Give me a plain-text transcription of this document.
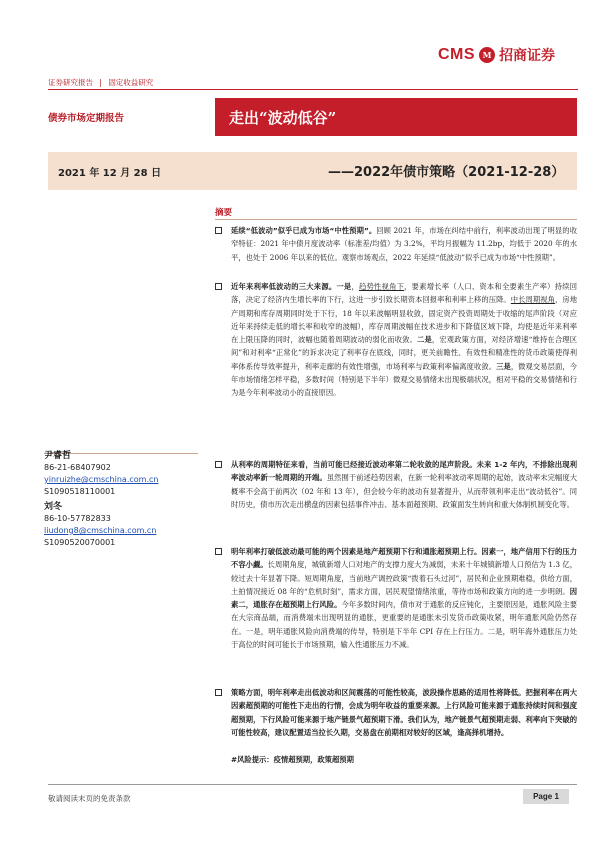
CMS M 招商证券
证券研究报告 | 固定收益研究
债券市场定期报告	走出“波动低谷”
2021 年 12 月 28 日	——2022年债市策略（2021-12-28）
摘要
延续“低波动”似乎已成为市场“中性预期”。回顾 2021 年，市场在纠结中前行，利率波动出现了明显的收窄特征：2021 年中债月度波动率（标准差/均值）为 3.2%，平均月振幅为 11.2bp，均低于 2020 年的水平，也处于 2006 年以来的低位。观察市场观点，2022 年延续“低波动”似乎已成为市场“中性预期”。
近年来利率低波动的三大来源。一是，趋势性视角下，要素增长率（人口、资本和全要素生产率）持续回落，决定了经济内生增长率的下行，这进一步引致长期资本回报率和利率上移的压降。中长周期视角，房地产周期和库存周期同时处于下行，18 年以来波幅明显收敛，固定资产投资周期处于收缩的尾声阶段（对应近年来持续走低的增长率和收窄的波幅），库存周期波幅在技术进步和下降值区域下降，均使是近年来利率在上限压降的同时，波幅也随着周期波动的弱化而收敛。二是，宏观政策方面，对经济增速“维持在合理区间”和对利率“正常化”的诉求决定了利率存在底线，同时，更关前瞻性、有效性和精准性的货币政策使得利率体系传导效率提升，利率走廊的有效性增强，市场利率与政策利率偏离度收敛。三是，微观交易层面，今年市场情绪怎样平稳，多数时间（特别是下半年）微观交易情绪未出现极端状况，相对平稳的交易情绪和行为是今年利率波动小的直接原因。
从利率的周期特征来看，当前可能已经接近波动率第二轮收敛的尾声阶段。未来 1-2 年内，不排除出现利率波动率新一轮周期的开端。虽然囿于前述趋势因素，在新一轮利率波动率周期的起始，波动率未完幅度大概率不会高于前两次（02 年和 13 年），但会较今年的波动有显著提升，从而带领利率走出“波动低谷”。同时历史，债市历次走出横盘的因素包括事件冲击、基本面超预期、政策面发生转向和重大体制机制变化等。
明年利率打破低波动最可能的两个因素是地产超预期下行和通胀超预期上行。因素一，地产信用下行的压力不容小觑。长周期角度，城镇新增人口对地产的支撑力度大为减弱，未来十年城镇新增人口预估为 1.3 亿，较过去十年显著下降。短周期角度，当前地产调控政策“拨着石头过河”，居民和企业预期难稳，供给方面，土拍情况接近 08 年的“危机时刻”，需求方面，居民观望情绪浓重，等待市场和政策方向的进一步明朗。因素二，通胀存在超预期上行风险。今年多数时间内，债市对于通胀的反应钝化，主要原因是，通胀风险主要在大宗商品端，而消费端未出现明显的通胀，更重要的是通胀未引发货币政策收紧，明年通胀风险仍然存在。一是，明年通胀风险向消费端的传导，特别是下半年 CPI 存在上行压力。二是，明年海外通胀压力处于高位的时间可能长于市场预期，输入性通胀压力不减。
策略方面，明年利率走出低波动和区间震荡的可能性较高，波段操作思路的适用性将降低。把握利率在两大因素超预期的可能性下走出的行情，会成为明年收益的重要来源。上行风险可能来源于通胀持续时间和强度超预期，下行风险可能来源于地产链景气超预期下滑。我们认为，地产链景气超预期走弱、利率向下突破的可能性较高，建议配置适当拉长久期，交易盘在前期相对较好的区域，逢高择机增持。
#风险提示：疫情超预期，政策超预期
尹睿哲
86-21-68407902
yinruizhe@cmschina.com.cn
S1090518110001
刘冬
86-10-57782833
liudong8@cmschina.com.cn
S1090520070001
敬请阅读末页的免责条款	Page 1
